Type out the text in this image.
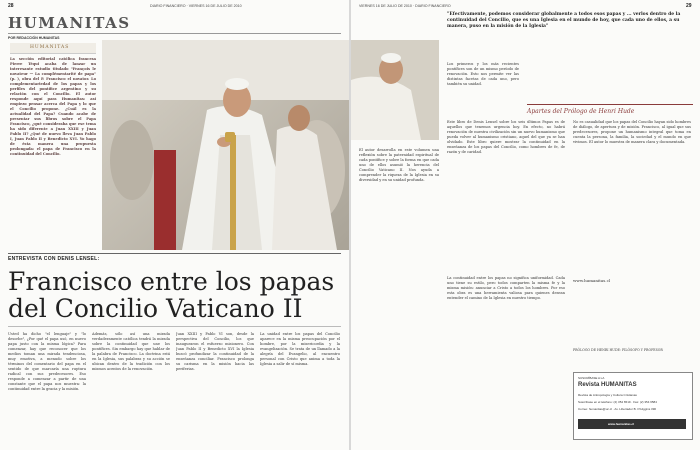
28	DIARIO FINANCIERO · VIERNES 16 DE JULIO DE 2010
HUMANITAS
POR REDACCIÓN HUMANITAS
HUMANITAS
La sección editorial católica francesa Pierre Téqui acaba de lanzar un interesante estudio titulado "François le novateur — La complémentarité de papa" (p. ), obra del P. Francisco el novator. Lo complementariedad de los papas y los perfiles del pontífice argentino y su relación con el Concilio. El autor responde aquí para Humanitas: así empiezo pensar acerca del Papa y lo que el Concilio propone. ¿Cuál es la actualidad del Papa? Cuando acabe de presentar sus libros sobre el Papa Francisco, ¿qué consideraba que ese tema ha sido diferente a Juan XXIII y Juan Pablo II? ¿Qué de nuevo lleva Juan Pablo I, Juan Pablo II y Benedicto XVI. Yo hago de ésta manera una propuesta prolongada: el papa de Francisco en la continuidad del Concilio.
ENTREVISTA CON DENIS LENSEL:
Francisco entre los papas
del Concilio Vaticano II
Usted ha dicho "el lenguaje" y "lo desorbe", ¿Por qué el papa usó, en nuevo papa justo con la misma lógica? Para comenzar, hay que reconocer que los medios toman una mirada tendenciosa, muy emotiva, a menudo sobre los términos del comentario del papa en el sentido de que marcaría una ruptura radical con sus predecesores. Eso responde a comenzar a partir de una constante que el papa nos muestra: la continuidad entre la gracia y la misión.
Además, sólo así una mirada verdaderamente católica tendrá la mirada sobre la continuidad que une los pontífices. Sin embargo hay que hablar de la palabra de Francisco. La doctrina está en la Iglesia, sus palabras y su acción se ubican dentro de la tradición con los mismos acentos de la renovación.
Juan XXIII y Pablo VI son, desde la perspectiva del Concilio, los que inauguraron el esfuerzo misionero. Con Juan Pablo II y Benedicto XVI la Iglesia buscó profundizar la continuidad de la enseñanza conciliar. Francisco prolonga su carisma en la misión hacia las periferias.
La unidad entre los papas del Concilio aparece en la misma preocupación por el hombre, por la misericordia y la evangelización. Se trata de un llamado a la alegría del Evangelio, al encuentro personal con Cristo que anima a toda la Iglesia a salir de sí misma.
VIERNES 16 DE JULIO DE 2010 · DIARIO FINANCIERO	29
"Efectivamente, podemos considerar globalmente a todos esos papas y ... verlos dentro de la continuidad del Concilio, que es una Iglesia en el mundo de hoy, que cada uno de ellos, a su manera, puso en la misión de la Iglesia"
Los primeros y los más recientes pontífices son de un mismo período de renovación. Esto nos permite ver las distintas facetas de cada uno, pero también su unidad.
Apartes del Prólogo de Henri Hude
Este libro de Denis Lensel sobre los seis últimos Papas es de aquellos que tenemos urgencia hoy. En efecto, no habrá renovación de nuestra civilización sin un nuevo humanismo que pueda volver al humanismo cristiano, aquel del que ya se han olvidado. Este libro quiere mostrar la continuidad en la enseñanza de los papas del Concilio, como hombres de fe, de razón y de caridad.
No es casualidad que los papas del Concilio hayan sido hombres de diálogo, de apertura y de misión. Francisco, al igual que sus predecesores, propone un humanismo integral que toma en cuenta la persona, la familia, la sociedad y el mundo en que vivimos. El autor lo muestra de manera clara y documentada.
El autor desarrolla en este volumen una reflexión sobre la paternidad espiritual de cada pontífice y sobre la forma en que cada uno de ellos asumió la herencia del Concilio Vaticano II. Nos ayuda a comprender la riqueza de la Iglesia en su diversidad y en su unidad profunda.
La continuidad entre los papas no significa uniformidad. Cada uno tiene su estilo, pero todos comparten la misma fe y la misma misión: anunciar a Cristo a todos los hombres. Por eso esta obra es una herramienta valiosa para quienes desean entender el camino de la Iglesia en nuestro tiempo.
www.humanitas.cl
PRÓLOGO DE HENRI HUDE: FILÓSOFO Y PROFESOR
SUSCRÍBASE A LA
Revista HUMANITAS
Revista de Antropología y Cultura Cristianas
Suscríbase en el teléfono: (2) 354 6519 · Fax: (2) 354 6584
Correo: humanitas@uc.cl · Av. Libertador B. O'Higgins 390
www.humanitas.cl
